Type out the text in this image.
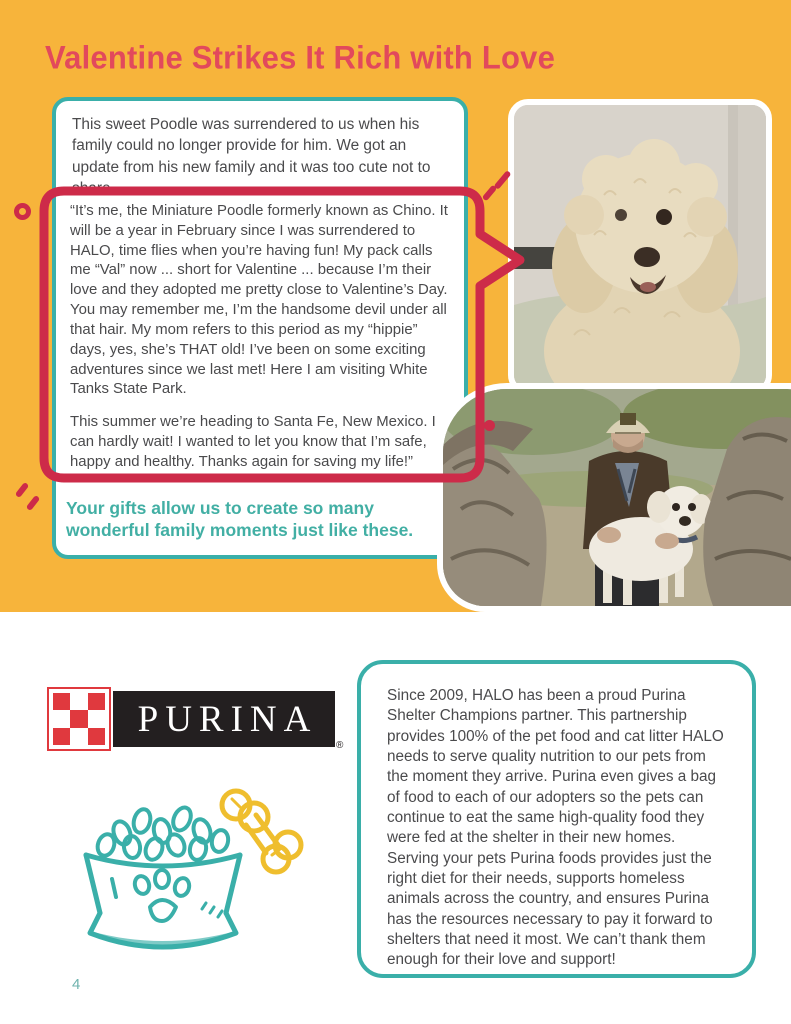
Valentine Strikes It Rich with Love

This sweet Poodle was surrendered to us when his family could no longer provide for him. We got an update from his new family and it was too cute not to share.

“It’s me, the Miniature Poodle formerly known as Chino. It will be a year in February since I was surrendered to HALO, time flies when you’re having fun! My pack calls me “Val” now ... short for Valentine ... because I’m their love and they adopted me pretty close to Valentine’s Day. You may remember me, I’m the handsome devil under all that hair. My mom refers to this period as my “hippie” days, yes, she’s THAT old! I’ve been on some exciting adventures since we last met! Here I am visiting White Tanks State Park.

This summer we’re heading to Santa Fe, New Mexico. I can hardly wait! I wanted to let you know that I’m safe, happy and healthy. Thanks again for saving my life!”

Your gifts allow us to create so many wonderful family moments just like these.

PURINA
®

Since 2009, HALO has been a proud Purina Shelter Champions partner. This partnership provides 100% of the pet food and cat litter HALO needs to serve quality nutrition to our pets from the moment they arrive. Purina even gives a bag of food to each of our adopters so the pets can continue to eat the same high-quality food they were fed at the shelter in their new homes. Serving your pets Purina foods provides just the right diet for their needs, supports homeless animals across the country, and ensures Purina has the resources necessary to pay it forward to shelters that need it most. We can’t thank them enough for their love and support!

4
